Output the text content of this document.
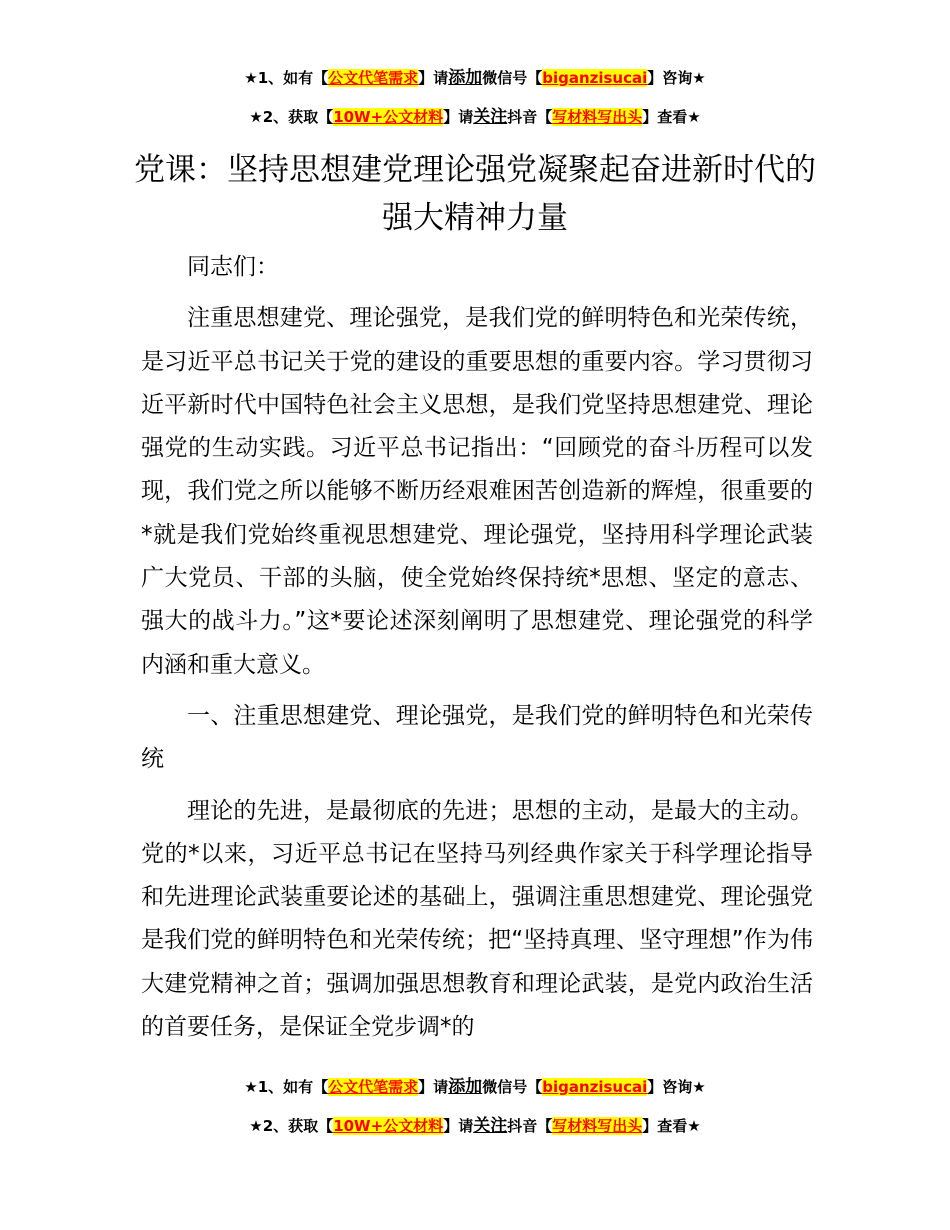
★1、如有【公文代笔需求】请添加微信号【biganzisucai】咨询★
★2、获取【10W+公文材料】请关注抖音【写材料写出头】查看★
党课：坚持思想建党理论强党凝聚起奋进新时代的强大精神力量

同志们：

注重思想建党、理论强党，是我们党的鲜明特色和光荣传统，是习近平总书记关于党的建设的重要思想的重要内容。学习贯彻习近平新时代中国特色社会主义思想，是我们党坚持思想建党、理论强党的生动实践。习近平总书记指出：“回顾党的奋斗历程可以发现，我们党之所以能够不断历经艰难困苦创造新的辉煌，很重要的*就是我们党始终重视思想建党、理论强党，坚持用科学理论武装广大党员、干部的头脑，使全党始终保持统*思想、坚定的意志、强大的战斗力。”这*要论述深刻阐明了思想建党、理论强党的科学内涵和重大意义。

一、注重思想建党、理论强党，是我们党的鲜明特色和光荣传统

理论的先进，是最彻底的先进；思想的主动，是最大的主动。党的*以来，习近平总书记在坚持马列经典作家关于科学理论指导和先进理论武装重要论述的基础上，强调注重思想建党、理论强党是我们党的鲜明特色和光荣传统；把“坚持真理、坚守理想”作为伟大建党精神之首；强调加强思想教育和理论武装，是党内政治生活的首要任务，是保证全党步调*的

★1、如有【公文代笔需求】请添加微信号【biganzisucai】咨询★
★2、获取【10W+公文材料】请关注抖音【写材料写出头】查看★
